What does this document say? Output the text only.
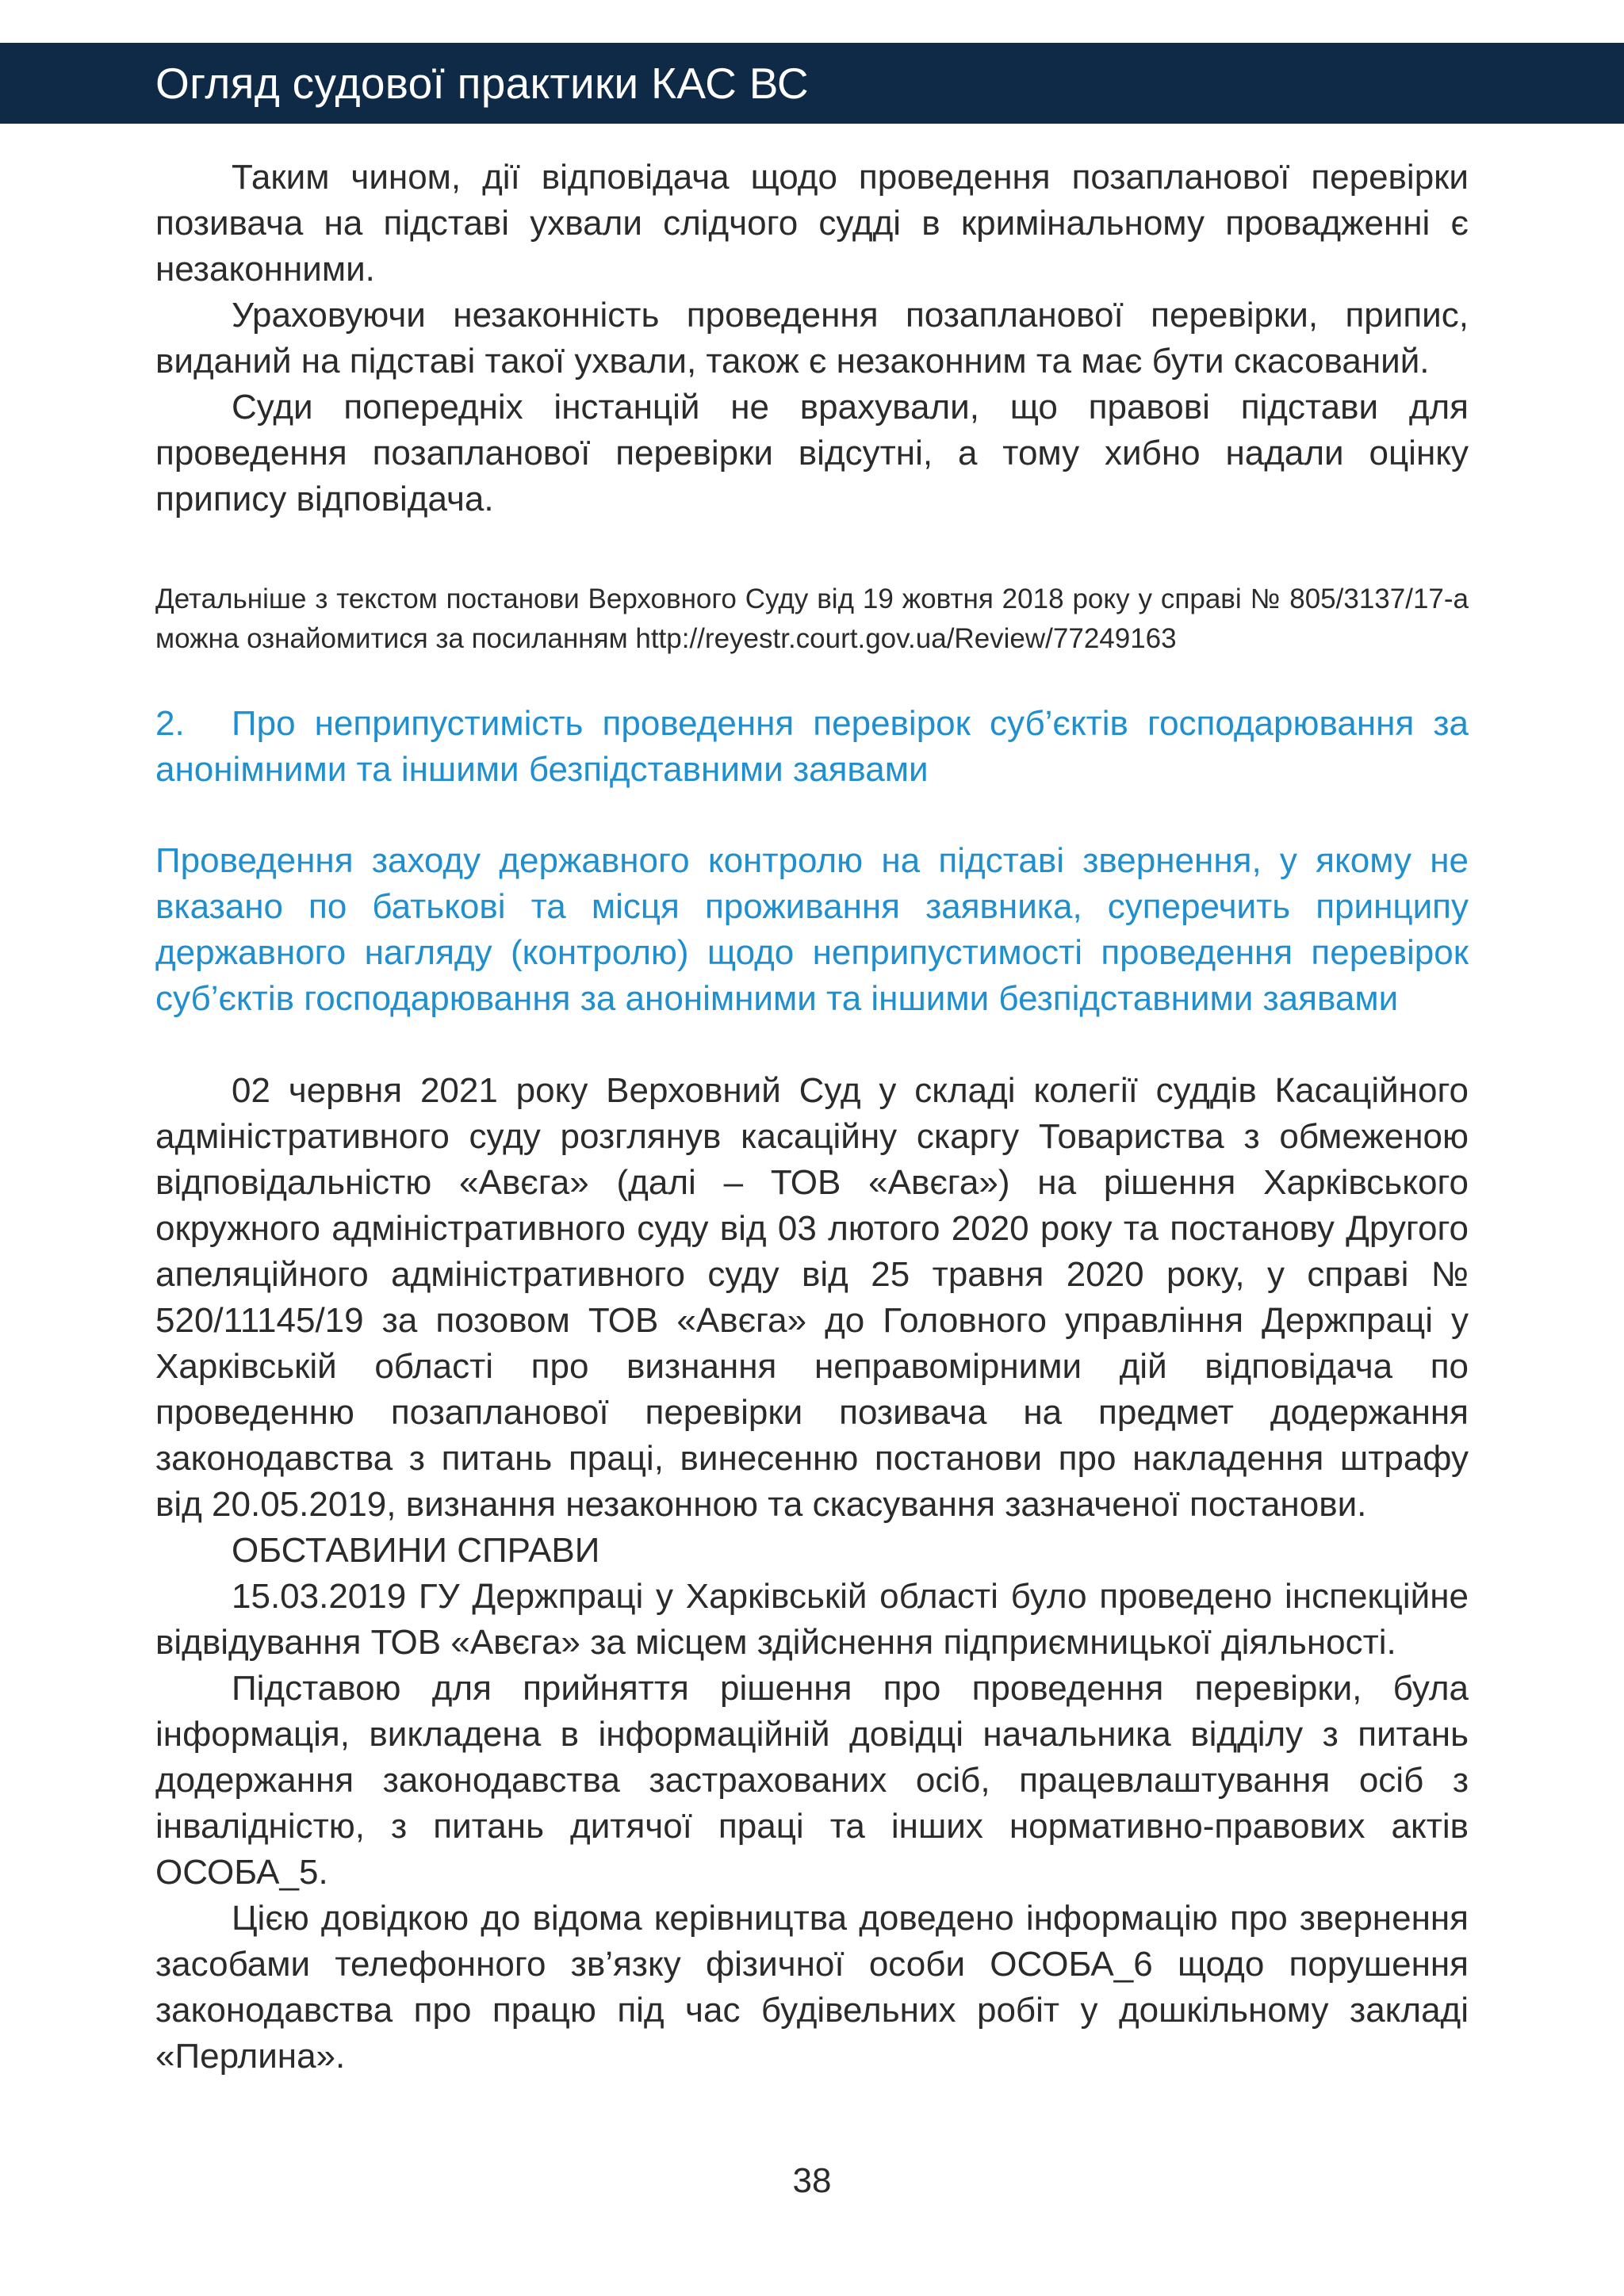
Огляд судової практики КАС ВС

Таким чином, дії відповідача щодо проведення позапланової перевірки позивача на підставі ухвали слідчого судді в кримінальному провадженні є незаконними.

Ураховуючи незаконність проведення позапланової перевірки, припис, виданий на підставі такої ухвали, також є незаконним та має бути скасований.

Суди попередніх інстанцій не врахували, що правові підстави для проведення позапланової перевірки відсутні, а тому хибно надали оцінку припису відповідача.

Детальніше з текстом постанови Верховного Суду від 19 жовтня 2018 року у справі № 805/3137/17-а можна ознайомитися за посиланням http://reyestr.court.gov.ua/Review/77249163

2. Про неприпустимість проведення перевірок суб’єктів господарювання за анонімними та іншими безпідставними заявами

Проведення заходу державного контролю на підставі звернення, у якому не вказано по батькові та місця проживання заявника, суперечить принципу державного нагляду (контролю) щодо неприпустимості проведення перевірок суб’єктів господарювання за анонімними та іншими безпідставними заявами

02 червня 2021 року Верховний Суд у складі колегії суддів Касаційного адміністративного суду розглянув касаційну скаргу Товариства з обмеженою відповідальністю «Авєга» (далі – ТОВ «Авєга») на рішення Харківського окружного адміністративного суду від 03 лютого 2020 року та постанову Другого апеляційного адміністративного суду від 25 травня 2020 року, у справі № 520/11145/19 за позовом ТОВ «Авєга» до Головного управління Держпраці у Харківській області про визнання неправомірними дій відповідача по проведенню позапланової перевірки позивача на предмет додержання законодавства з питань праці, винесенню постанови про накладення штрафу від 20.05.2019, визнання незаконною та скасування зазначеної постанови.

ОБСТАВИНИ СПРАВИ

15.03.2019 ГУ Держпраці у Харківській області було проведено інспекційне відвідування ТОВ «Авєга» за місцем здійснення підприємницької діяльності.

Підставою для прийняття рішення про проведення перевірки, була інформація, викладена в інформаційній довідці начальника відділу з питань додержання законодавства застрахованих осіб, працевлаштування осіб з інвалідністю, з питань дитячої праці та інших нормативно-правових актів ОСОБА_5.

Цією довідкою до відома керівництва доведено інформацію про звернення засобами телефонного зв’язку фізичної особи ОСОБА_6 щодо порушення законодавства про працю під час будівельних робіт у дошкільному закладі «Перлина».

38
